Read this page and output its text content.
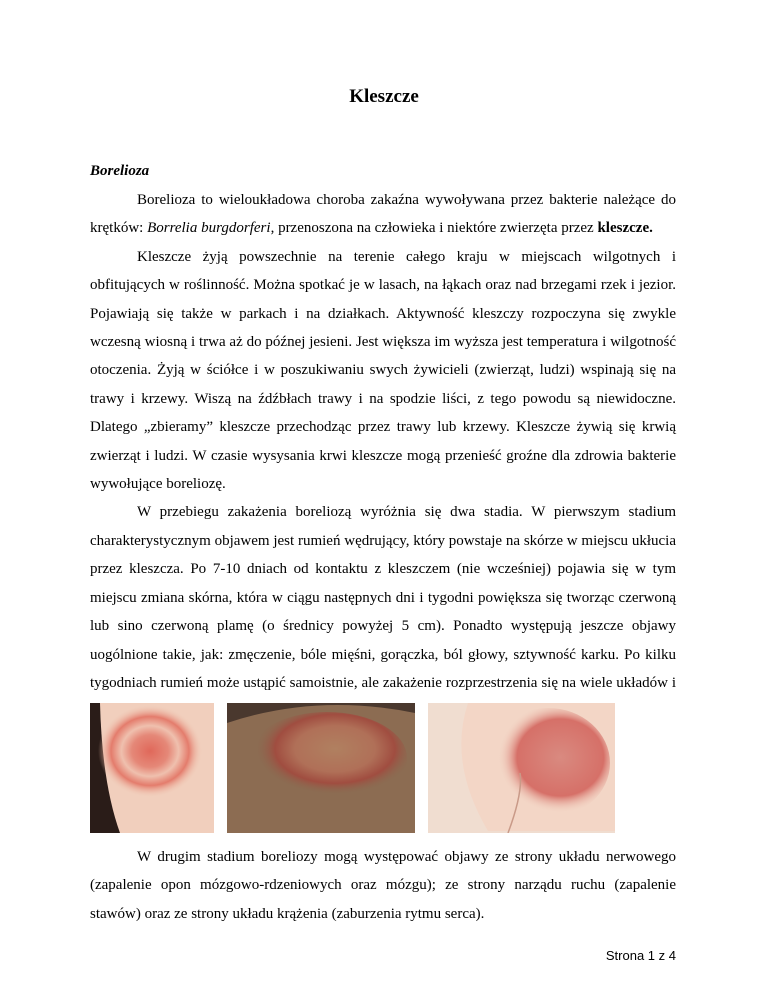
Kleszcze
Borelioza

Borelioza to wieloukładowa choroba zakaźna wywoływana przez bakterie należące do krętków: Borrelia burgdorferi, przenoszona na człowieka i niektóre zwierzęta przez kleszcze.

Kleszcze żyją powszechnie na terenie całego kraju w miejscach wilgotnych i obfitujących w roślinność. Można spotkać je w lasach, na łąkach oraz nad brzegami rzek i jezior. Pojawiają się także w parkach i na działkach. Aktywność kleszczy rozpoczyna się zwykle wczesną wiosną i trwa aż do późnej jesieni. Jest większa im wyższa jest temperatura i wilgotność otoczenia. Żyją w ściółce i w poszukiwaniu swych żywicieli (zwierząt, ludzi) wspinają się na trawy i krzewy. Wiszą na źdźbłach trawy i na spodzie liści, z tego powodu są niewidoczne. Dlatego „zbieramy” kleszcze przechodząc przez trawy lub krzewy. Kleszcze żywią się krwią zwierząt i ludzi. W czasie wysysania krwi kleszcze mogą przenieść groźne dla zdrowia bakterie wywołujące boreliozę.

W przebiegu zakażenia boreliozą wyróżnia się dwa stadia. W pierwszym stadium charakterystycznym objawem jest rumień wędrujący, który powstaje na skórze w miejscu ukłucia przez kleszcza. Po 7-10 dniach od kontaktu z kleszczem (nie wcześniej) pojawia się w tym miejscu zmiana skórna, która w ciągu następnych dni i tygodni powiększa się tworząc czerwoną lub sino czerwoną plamę (o średnicy powyżej 5 cm). Ponadto występują jeszcze objawy uogólnione takie, jak: zmęczenie, bóle mięśni, gorączka, ból głowy, sztywność karku. Po kilku tygodniach rumień może ustąpić samoistnie, ale zakażenie rozprzestrzenia się na wiele układów i

W drugim stadium boreliozy mogą występować objawy ze strony układu nerwowego (zapalenie opon mózgowo-rdzeniowych oraz mózgu); ze strony narządu ruchu (zapalenie stawów) oraz ze strony układu krążenia (zaburzenia rytmu serca).

Strona 1 z 4
